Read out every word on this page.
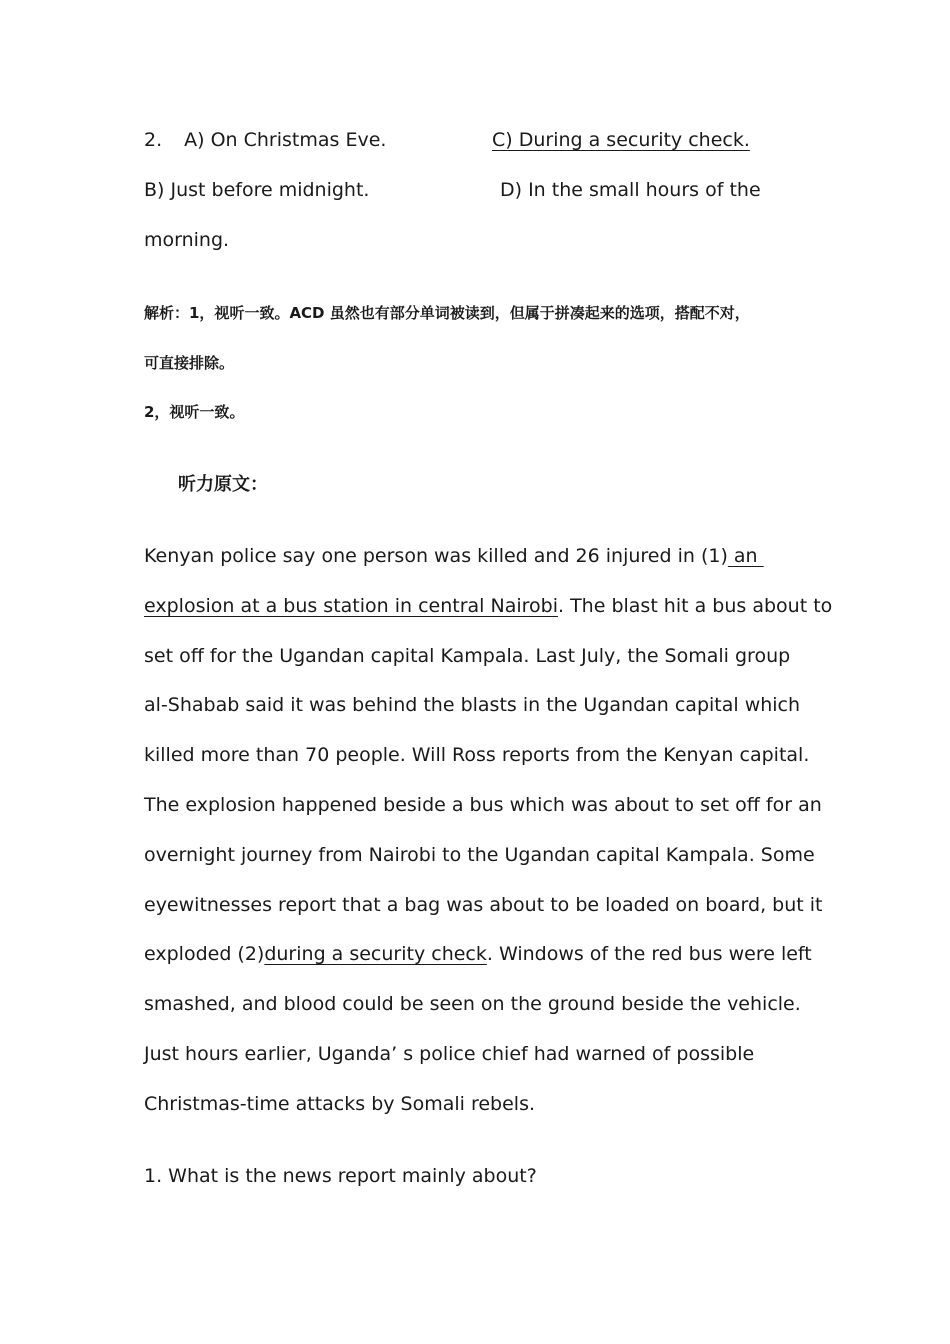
2. A) On Christmas Eve.	C) During a security check.
B) Just before midnight.	D) In the small hours of the
morning.
解析：1，视听一致。ACD 虽然也有部分单词被读到，但属于拼凑起来的选项，搭配不对，
可直接排除。
2，视听一致。
听力原文：
Kenyan police say one person was killed and 26 injured in (1) an
explosion at a bus station in central Nairobi. The blast hit a bus about to
set off for the Ugandan capital Kampala. Last July, the Somali group
al-Shabab said it was behind the blasts in the Ugandan capital which
killed more than 70 people. Will Ross reports from the Kenyan capital.
The explosion happened beside a bus which was about to set off for an
overnight journey from Nairobi to the Ugandan capital Kampala. Some
eyewitnesses report that a bag was about to be loaded on board, but it
exploded (2)during a security check. Windows of the red bus were left
smashed, and blood could be seen on the ground beside the vehicle.
Just hours earlier, Uganda’ s police chief had warned of possible
Christmas-time attacks by Somali rebels.
1. What is the news report mainly about?
